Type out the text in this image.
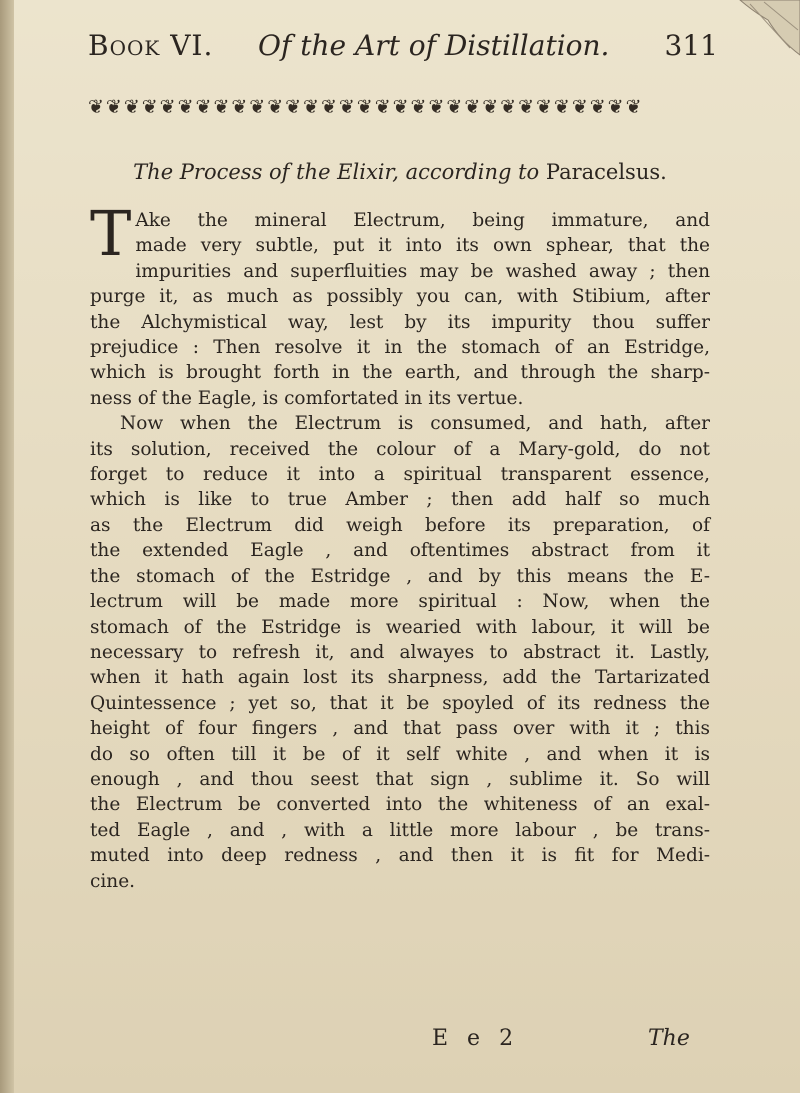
Book VI. Of the Art of Distillation. 311
❦❦❦❦❦❦❦❦❦❦❦❦❦❦❦❦❦❦❦❦❦❦❦❦❦❦❦❦❦❦❦
The Process of the Elixir, according to Paracelsus.

T Ake the mineral Electrum, being immature, and
made very subtle, put it into its own sphear, that the
impurities and superfluities may be washed away ; then
purge it, as much as possibly you can, with Stibium, after
the Alchymistical way, lest by its impurity thou suffer
prejudice : Then resolve it in the stomach of an Estridge,
which is brought forth in the earth, and through the sharp-
ness of the Eagle, is comfortated in its vertue.

Now when the Electrum is consumed, and hath, after
its solution, received the colour of a Mary-gold, do not
forget to reduce it into a spiritual transparent essence,
which is like to true Amber ; then add half so much
as the Electrum did weigh before its preparation, of
the extended Eagle , and oftentimes abstract from it
the stomach of the Estridge , and by this means the E-
lectrum will be made more spiritual : Now, when the
stomach of the Estridge is wearied with labour, it will be
necessary to refresh it, and alwayes to abstract it. Lastly,
when it hath again lost its sharpness, add the Tartarizated
Quintessence ; yet so, that it be spoyled of its redness the
height of four fingers , and that pass over with it ; this
do so often till it be of it self white , and when it is
enough , and thou seest that sign , sublime it. So will
the Electrum be converted into the whiteness of an exal-
ted Eagle , and , with a little more labour , be trans-
muted into deep redness , and then it is fit for Medi-
cine.

E e 2	The
